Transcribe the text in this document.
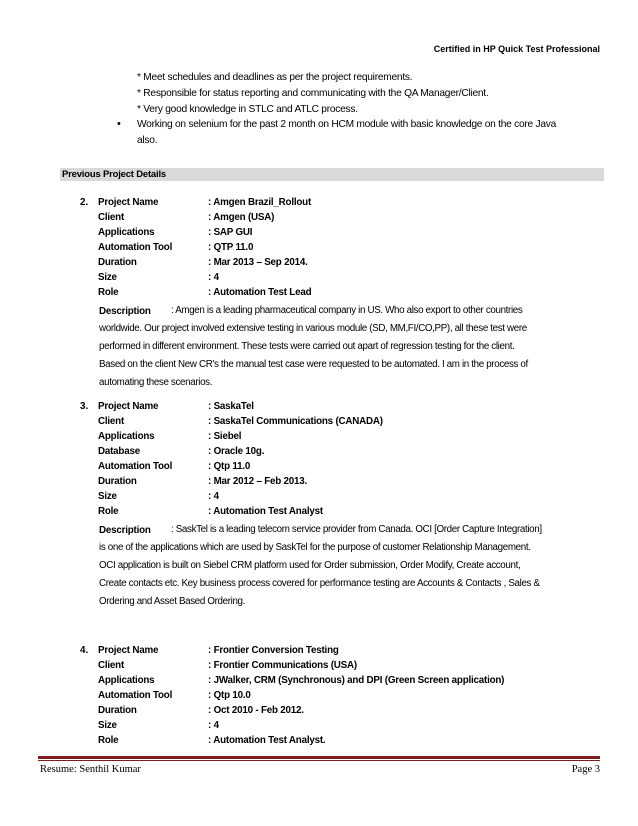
Certified in HP Quick Test Professional
* Meet schedules and deadlines as per the project requirements.
* Responsible for status reporting and communicating with the QA Manager/Client.
* Very good knowledge in STLC and ATLC process.
• Working on selenium for the past 2 month on HCM module with basic knowledge on the core Java
also.
Previous Project Details
2. Project Name	: Amgen Brazil_Rollout
Client	: Amgen (USA)
Applications	: SAP GUI
Automation Tool	: QTP 11.0
Duration	: Mar 2013 – Sep 2014.
Size	: 4
Role	: Automation Test Lead
Description : Amgen is a leading pharmaceutical company in US. Who also export to other countries
worldwide. Our project involved extensive testing in various module (SD, MM,FI/CO,PP), all these test were
performed in different environment. These tests were carried out apart of regression testing for the client.
Based on the client New CR's the manual test case were requested to be automated. I am in the process of
automating these scenarios.
3. Project Name	: SaskaTel
Client	: SaskaTel Communications (CANADA)
Applications	: Siebel
Database	: Oracle 10g.
Automation Tool	: Qtp 11.0
Duration	: Mar 2012 – Feb 2013.
Size	: 4
Role	: Automation Test Analyst
Description : SaskTel is a leading telecom service provider from Canada. OCI [Order Capture Integration]
is one of the applications which are used by SaskTel for the purpose of customer Relationship Management.
OCI application is built on Siebel CRM platform used for Order submission, Order Modify, Create account,
Create contacts etc. Key business process covered for performance testing are Accounts & Contacts , Sales &
Ordering and Asset Based Ordering.
4. Project Name	: Frontier Conversion Testing
Client	: Frontier Communications (USA)
Applications	: JWalker, CRM (Synchronous) and DPI (Green Screen application)
Automation Tool	: Qtp 10.0
Duration	: Oct 2010 - Feb 2012.
Size	: 4
Role	: Automation Test Analyst.
Resume: Senthil Kumar	Page 3
